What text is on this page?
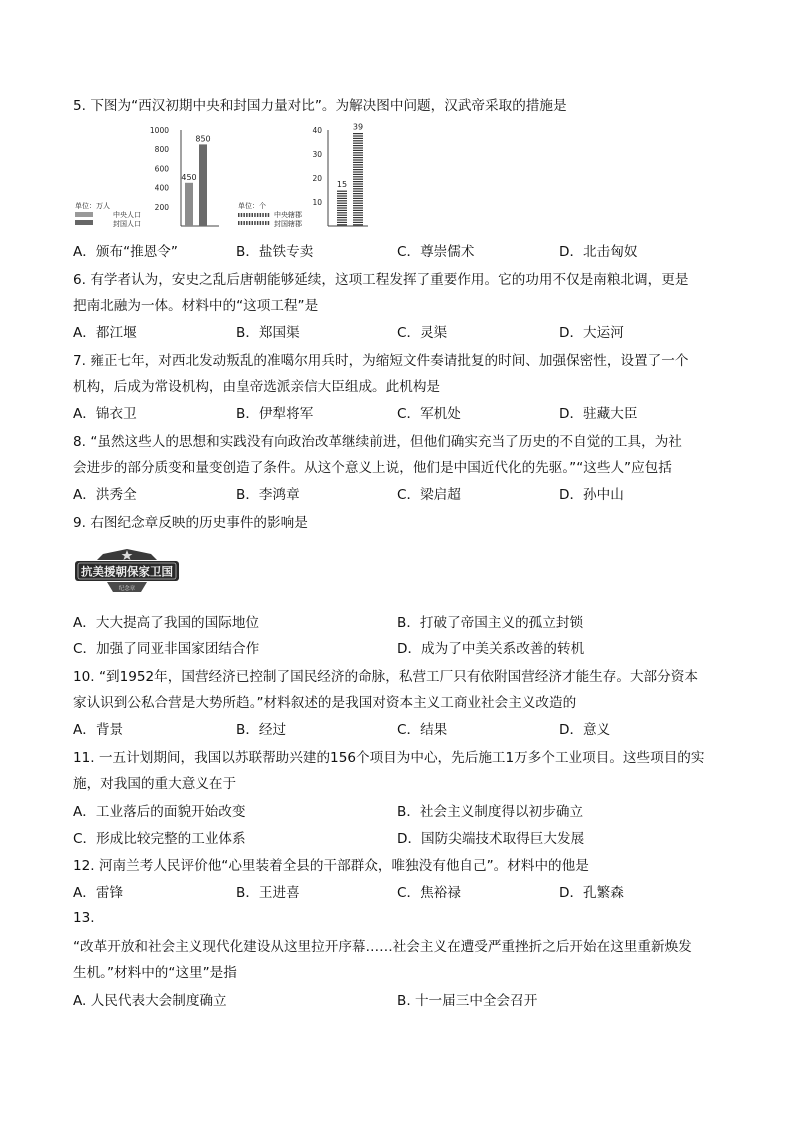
5. 下图为“西汉初期中央和封国力量对比”。为解决图中问题，汉武帝采取的措施是
1000
800
600
400
200
450
850
单位：万人
中央人口
封国人口
40
30
20
10
15
39
单位：个
中央辖郡
封国辖郡
A．颁布“推恩令”	B．盐铁专卖	C．尊崇儒术	D．北击匈奴
6. 有学者认为，安史之乱后唐朝能够延续，这项工程发挥了重要作用。它的功用不仅是南粮北调，更是
把南北融为一体。材料中的“这项工程”是
A．都江堰	B．郑国渠	C．灵渠	D．大运河
7. 雍正七年，对西北发动叛乱的准噶尔用兵时，为缩短文件奏请批复的时间、加强保密性，设置了一个
机构，后成为常设机构，由皇帝选派亲信大臣组成。此机构是
A．锦衣卫	B．伊犁将军	C．军机处	D．驻藏大臣
8. “虽然这些人的思想和实践没有向政治改革继续前进，但他们确实充当了历史的不自觉的工具，为社
会进步的部分质变和量变创造了条件。从这个意义上说，他们是中国近代化的先驱。”“这些人”应包括
A．洪秀全	B．李鸿章	C．梁启超	D．孙中山
9. 右图纪念章反映的历史事件的影响是
抗美援朝保家卫国
纪念章
A．大大提高了我国的国际地位	B．打破了帝国主义的孤立封锁
C．加强了同亚非国家团结合作	D．成为了中美关系改善的转机
10. “到1952年，国营经济已控制了国民经济的命脉，私营工厂只有依附国营经济才能生存。大部分资本
家认识到公私合营是大势所趋。”材料叙述的是我国对资本主义工商业社会主义改造的
A．背景	B．经过	C．结果	D．意义
11. 一五计划期间，我国以苏联帮助兴建的156个项目为中心，先后施工1万多个工业项目。这些项目的实
施，对我国的重大意义在于
A．工业落后的面貌开始改变	B．社会主义制度得以初步确立
C．形成比较完整的工业体系	D．国防尖端技术取得巨大发展
12. 河南兰考人民评价他“心里装着全县的干部群众，唯独没有他自己”。材料中的他是
A．雷锋	B．王进喜	C．焦裕禄	D．孔繁森
13.
“改革开放和社会主义现代化建设从这里拉开序幕……社会主义在遭受严重挫折之后开始在这里重新焕发
生机。”材料中的“这里”是指
A. 人民代表大会制度确立	B. 十一届三中全会召开
